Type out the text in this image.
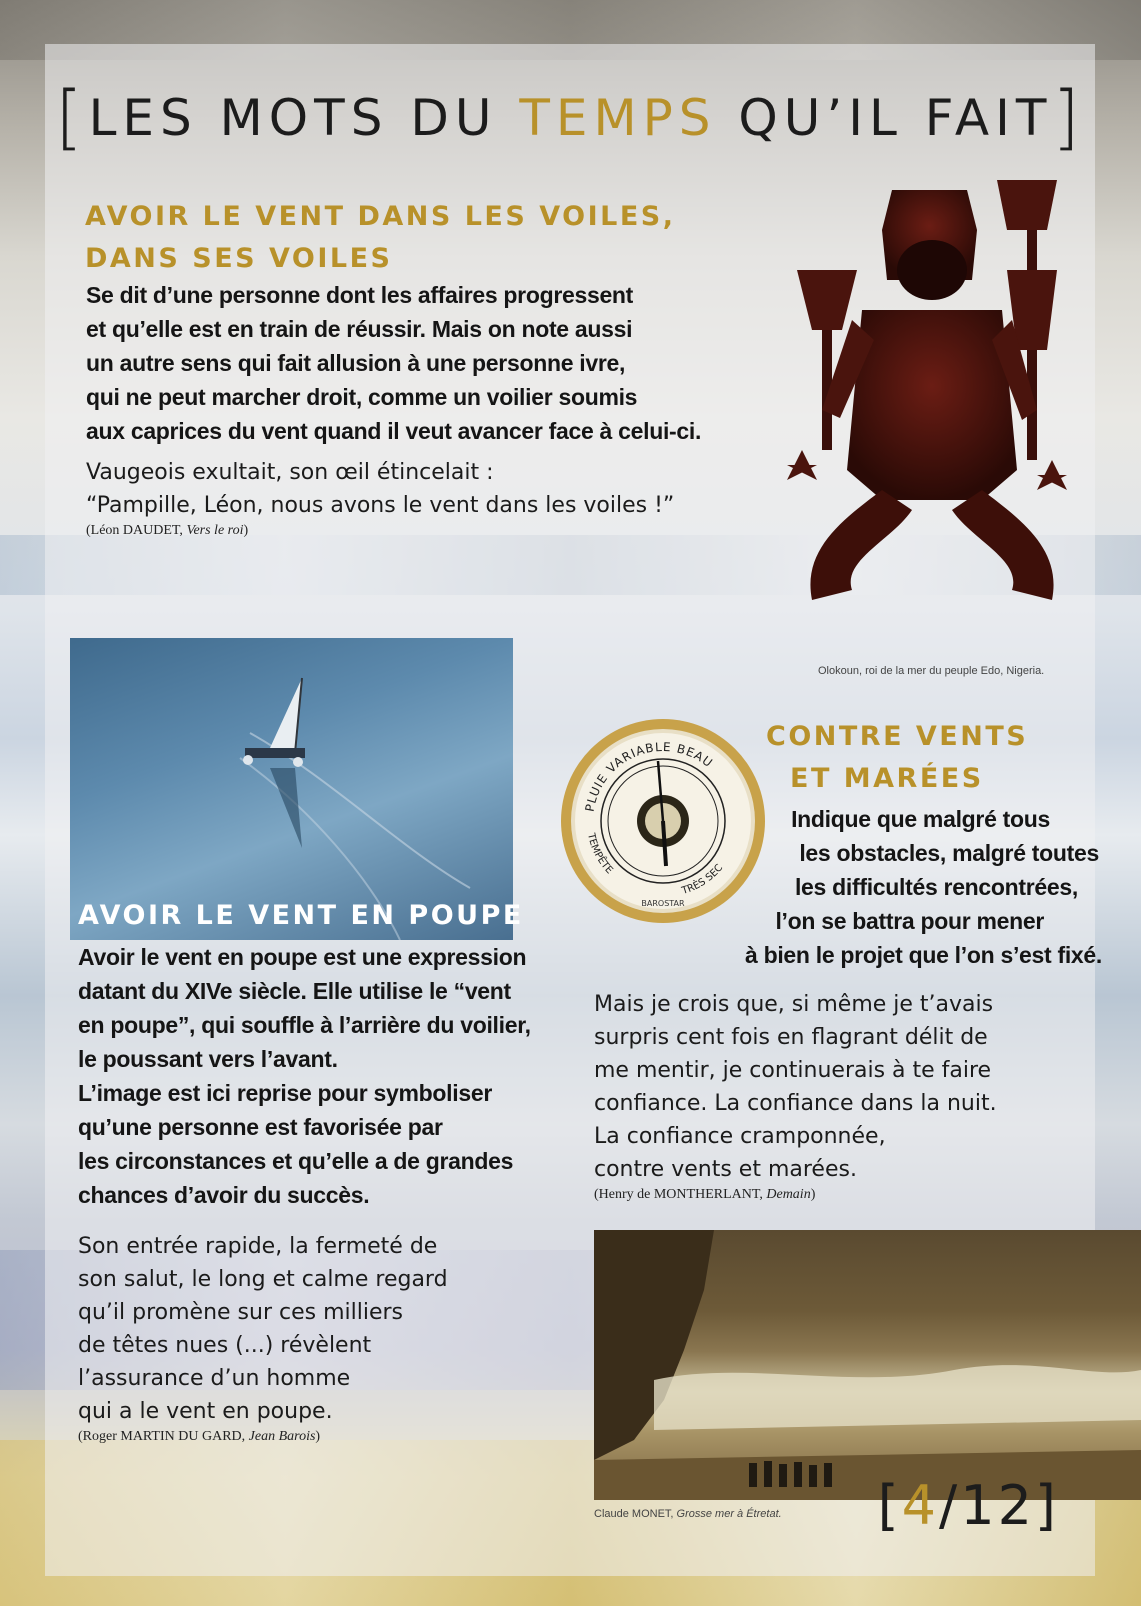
[LES MOTS DU TEMPS QU’IL FAIT]
AVOIR LE VENT DANS LES VOILES,
DANS SES VOILES
Se dit d’une personne dont les affaires progressent
et qu’elle est en train de réussir. Mais on note aussi
un autre sens qui fait allusion à une personne ivre,
qui ne peut marcher droit, comme un voilier soumis
aux caprices du vent quand il veut avancer face à celui-ci.
Vaugeois exultait, son œil étincelait :
“Pampille, Léon, nous avons le vent dans les voiles !”
(Léon DAUDET, Vers le roi)
Olokoun, roi de la mer du peuple Edo, Nigeria.
AVOIR LE VENT EN POUPE
Avoir le vent en poupe est une expression
datant du XIVe siècle. Elle utilise le “vent
en poupe”, qui souffle à l’arrière du voilier,
le poussant vers l’avant.
L’image est ici reprise pour symboliser
qu’une personne est favorisée par
les circonstances et qu’elle a de grandes
chances d’avoir du succès.
Son entrée rapide, la fermeté de
son salut, le long et calme regard
qu’il promène sur ces milliers
de têtes nues (...) révèlent
l’assurance d’un homme
qui a le vent en poupe.
(Roger MARTIN DU GARD, Jean Barois)
PLUIE VARIABLE BEAU
TEMPÊTE
TRÈS SEC
BAROSTAR
CONTRE VENTS
ET MARÉES
Indique que malgré tous
les obstacles, malgré toutes
les difficultés rencontrées,
l’on se battra pour mener
à bien le projet que l’on s’est fixé.
Mais je crois que, si même je t’avais
surpris cent fois en flagrant délit de
me mentir, je continuerais à te faire
confiance. La confiance dans la nuit.
La confiance cramponnée,
contre vents et marées.
(Henry de MONTHERLANT, Demain)
Claude MONET, Grosse mer à Étretat. [4/12]
